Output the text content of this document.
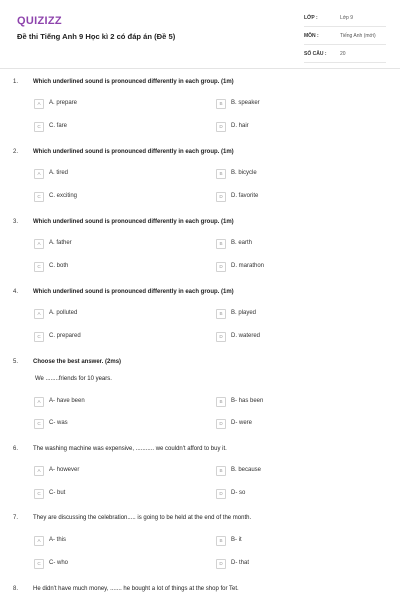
QUIZIZZ
Đề thi Tiếng Anh 9 Học kì 2 có đáp án (Đề 5)
LỚP :	Lớp 9
MÔN :	Tiếng Anh (mới)
SỐ CÂU :	20
1. Which underlined sound is pronounced differently in each group. (1m)
A	A. prepare	B	B. speaker
C	C. fare	D	D. hair
2. Which underlined sound is pronounced differently in each group. (1m)
A	A. tired	B	B. bicycle
C	C. exciting	D	D. favorite
3. Which underlined sound is pronounced differently in each group. (1m)
A	A. father	B	B. earth
C	C. both	D	D. marathon
4. Which underlined sound is pronounced differently in each group. (1m)
A	A. polluted	B	B. played
C	C. prepared	D	D. watered
5. Choose the best answer. (2ms)
We ........friends for 10 years.
A	A- have been	B	B- has been
C	C- was	D	D- were
6. The washing machine was expensive, ........... we couldn't afford to buy it.
A	A- however	B	B. because
C	C- but	D	D- so
7. They are discussing the celebration..... is going to be held at the end of the month.
A	A- this	B	B- it
C	C- who	D	D- that
8. He didn't have much money, ....... he bought a lot of things at the shop for Tet.
